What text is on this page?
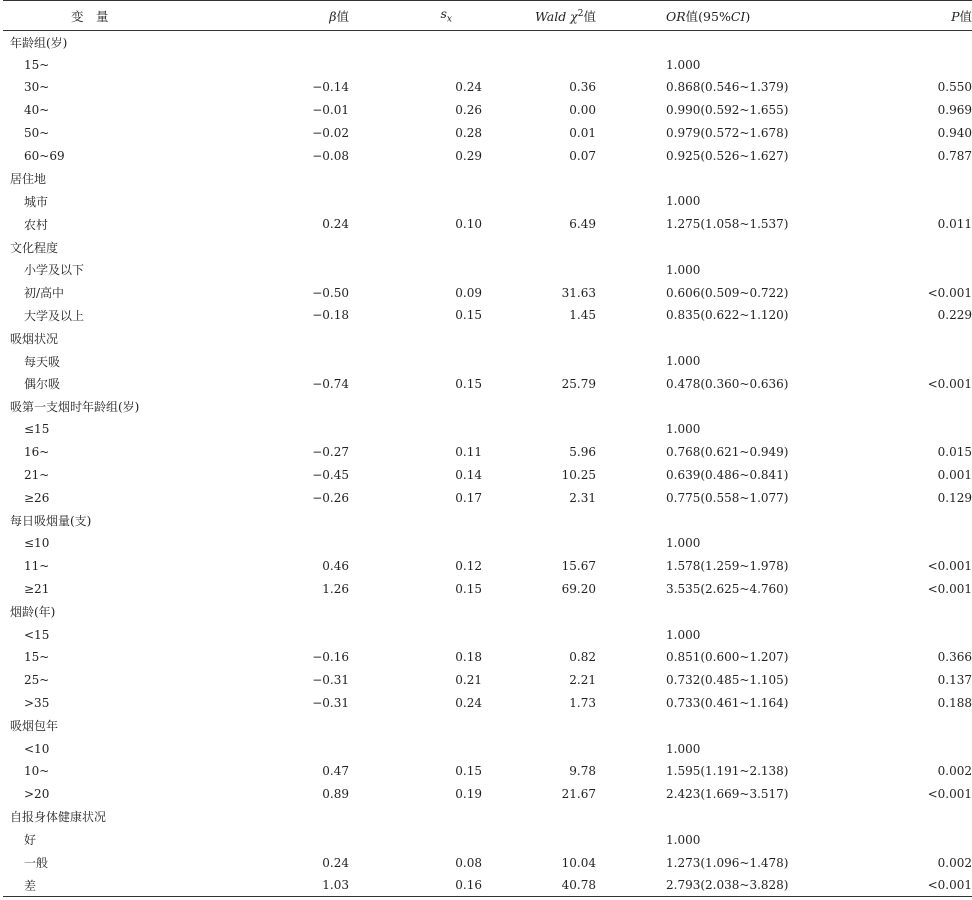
变　量	β值	$s_x$	Wald $\chi^2$值	OR值(95%CI)	P值
年龄组(岁)					
15~				1.000	
30~	−0.14	0.24	0.36	0.868(0.546~1.379)	0.550
40~	−0.01	0.26	0.00	0.990(0.592~1.655)	0.969
50~	−0.02	0.28	0.01	0.979(0.572~1.678)	0.940
60~69	−0.08	0.29	0.07	0.925(0.526~1.627)	0.787
居住地					
城市				1.000	
农村	0.24	0.10	6.49	1.275(1.058~1.537)	0.011
文化程度					
小学及以下				1.000	
初/高中	−0.50	0.09	31.63	0.606(0.509~0.722)	<0.001
大学及以上	−0.18	0.15	1.45	0.835(0.622~1.120)	0.229
吸烟状况					
每天吸				1.000	
偶尔吸	−0.74	0.15	25.79	0.478(0.360~0.636)	<0.001
吸第一支烟时年龄组(岁)					
≤15				1.000	
16~	−0.27	0.11	5.96	0.768(0.621~0.949)	0.015
21~	−0.45	0.14	10.25	0.639(0.486~0.841)	0.001
≥26	−0.26	0.17	2.31	0.775(0.558~1.077)	0.129
每日吸烟量(支)					
≤10				1.000	
11~	0.46	0.12	15.67	1.578(1.259~1.978)	<0.001
≥21	1.26	0.15	69.20	3.535(2.625~4.760)	<0.001
烟龄(年)					
<15				1.000	
15~	−0.16	0.18	0.82	0.851(0.600~1.207)	0.366
25~	−0.31	0.21	2.21	0.732(0.485~1.105)	0.137
>35	−0.31	0.24	1.73	0.733(0.461~1.164)	0.188
吸烟包年					
<10				1.000	
10~	0.47	0.15	9.78	1.595(1.191~2.138)	0.002
>20	0.89	0.19	21.67	2.423(1.669~3.517)	<0.001
自报身体健康状况					
好				1.000	
一般	0.24	0.08	10.04	1.273(1.096~1.478)	0.002
差	1.03	0.16	40.78	2.793(2.038~3.828)	<0.001
